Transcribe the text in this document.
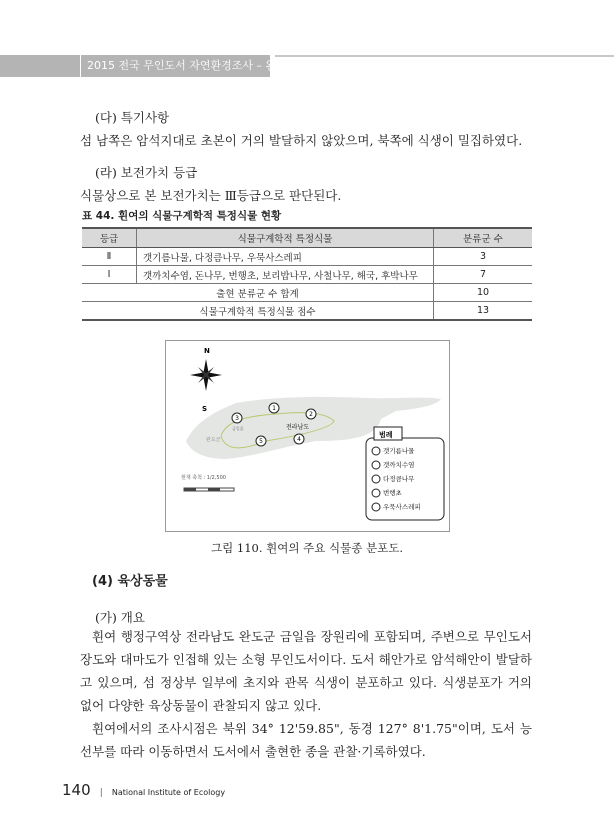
2015 전국 무인도서 자연환경조사 – 완도 권역
(다) 특기사항
섬 남쪽은 암석지대로 초본이 거의 발달하지 않았으며, 북쪽에 식생이 밀집하였다.
(라) 보전가치 등급
식물상으로 본 보전가치는 Ⅲ등급으로 판단된다.
표 44. 휜여의 식물구계학적 특정식물 현황
등급	식물구계학적 특정식물	분류군 수
Ⅱ	갯기름나물, 다정큼나무, 우묵사스레피	3
Ⅰ	갯까치수염, 돈나무, 번행초, 보리밥나무, 사철나무, 해국, 후박나무	7
출현 분류군 수 합계		10
식물구계학적 특정식물 점수		13
N
S
전라남도
완도군
금일읍
1
2
3
4
5
현재 축척 : 1/2,500
범례
갯기름나물
갯까치수염
다정큼나무
번행초
우묵사스레피
그림 110. 휜여의 주요 식물종 분포도.
(4) 육상동물
(가) 개요

휜여 행정구역상 전라남도 완도군 금일읍 장원리에 포함되며, 주변으로 무인도서 장도와 대마도가 인접해 있는 소형 무인도서이다. 도서 해안가로 암석해안이 발달하고 있으며, 섬 정상부 일부에 초지와 관목 식생이 분포하고 있다. 식생분포가 거의 없어 다양한 육상동물이 관찰되지 않고 있다.

휜여에서의 조사시점은 북위 34° 12'59.85", 동경 127° 8'1.75"이며, 도서 능선부를 따라 이동하면서 도서에서 출현한 종을 관찰·기록하였다.

140 | National Institute of Ecology
